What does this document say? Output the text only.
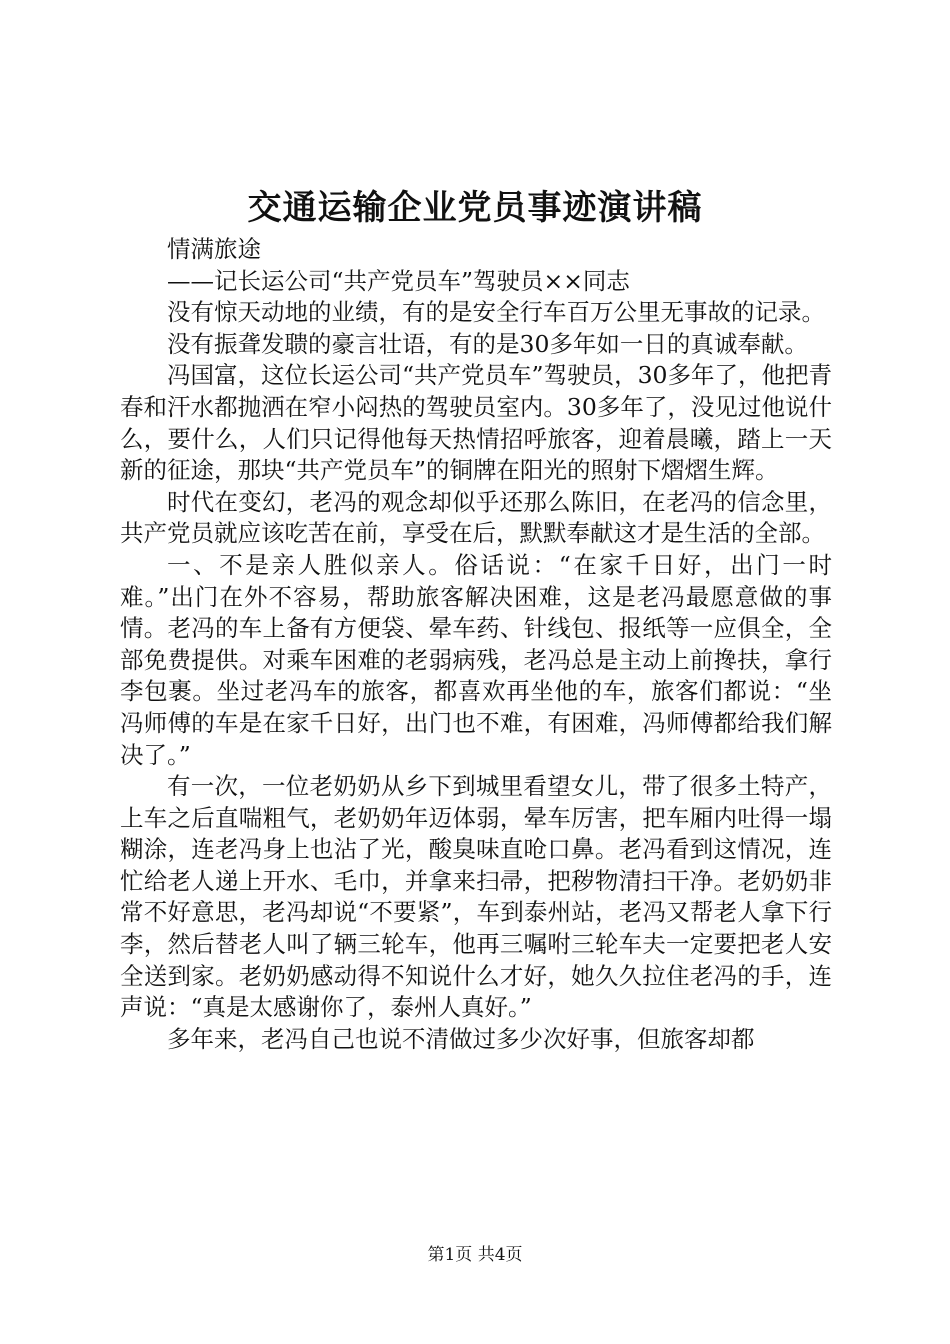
交通运输企业党员事迹演讲稿

情满旅途

——记长运公司“共产党员车”驾驶员××同志

没有惊天动地的业绩，有的是安全行车百万公里无事故的记录。

没有振聋发聩的豪言壮语，有的是30多年如一日的真诚奉献。

冯国富，这位长运公司“共产党员车”驾驶员，30多年了，他把青春和汗水都抛洒在窄小闷热的驾驶员室内。30多年了，没见过他说什么，要什么，人们只记得他每天热情招呼旅客，迎着晨曦，踏上一天新的征途，那块“共产党员车”的铜牌在阳光的照射下熠熠生辉。

时代在变幻，老冯的观念却似乎还那么陈旧，在老冯的信念里，共产党员就应该吃苦在前，享受在后，默默奉献这才是生活的全部。

一、不是亲人胜似亲人。俗话说：“在家千日好，出门一时难。”出门在外不容易，帮助旅客解决困难，这是老冯最愿意做的事情。老冯的车上备有方便袋、晕车药、针线包、报纸等一应俱全，全部免费提供。对乘车困难的老弱病残，老冯总是主动上前搀扶，拿行李包裹。坐过老冯车的旅客，都喜欢再坐他的车，旅客们都说：“坐冯师傅的车是在家千日好，出门也不难，有困难，冯师傅都给我们解决了。”

有一次，一位老奶奶从乡下到城里看望女儿，带了很多土特产，上车之后直喘粗气，老奶奶年迈体弱，晕车厉害，把车厢内吐得一塌糊涂，连老冯身上也沾了光，酸臭味直呛口鼻。老冯看到这情况，连忙给老人递上开水、毛巾，并拿来扫帚，把秽物清扫干净。老奶奶非常不好意思，老冯却说“不要紧”，车到泰州站，老冯又帮老人拿下行李，然后替老人叫了辆三轮车，他再三嘱咐三轮车夫一定要把老人安全送到家。老奶奶感动得不知说什么才好，她久久拉住老冯的手，连声说：“真是太感谢你了，泰州人真好。”

多年来，老冯自己也说不清做过多少次好事，但旅客却都

第1页 共4页
